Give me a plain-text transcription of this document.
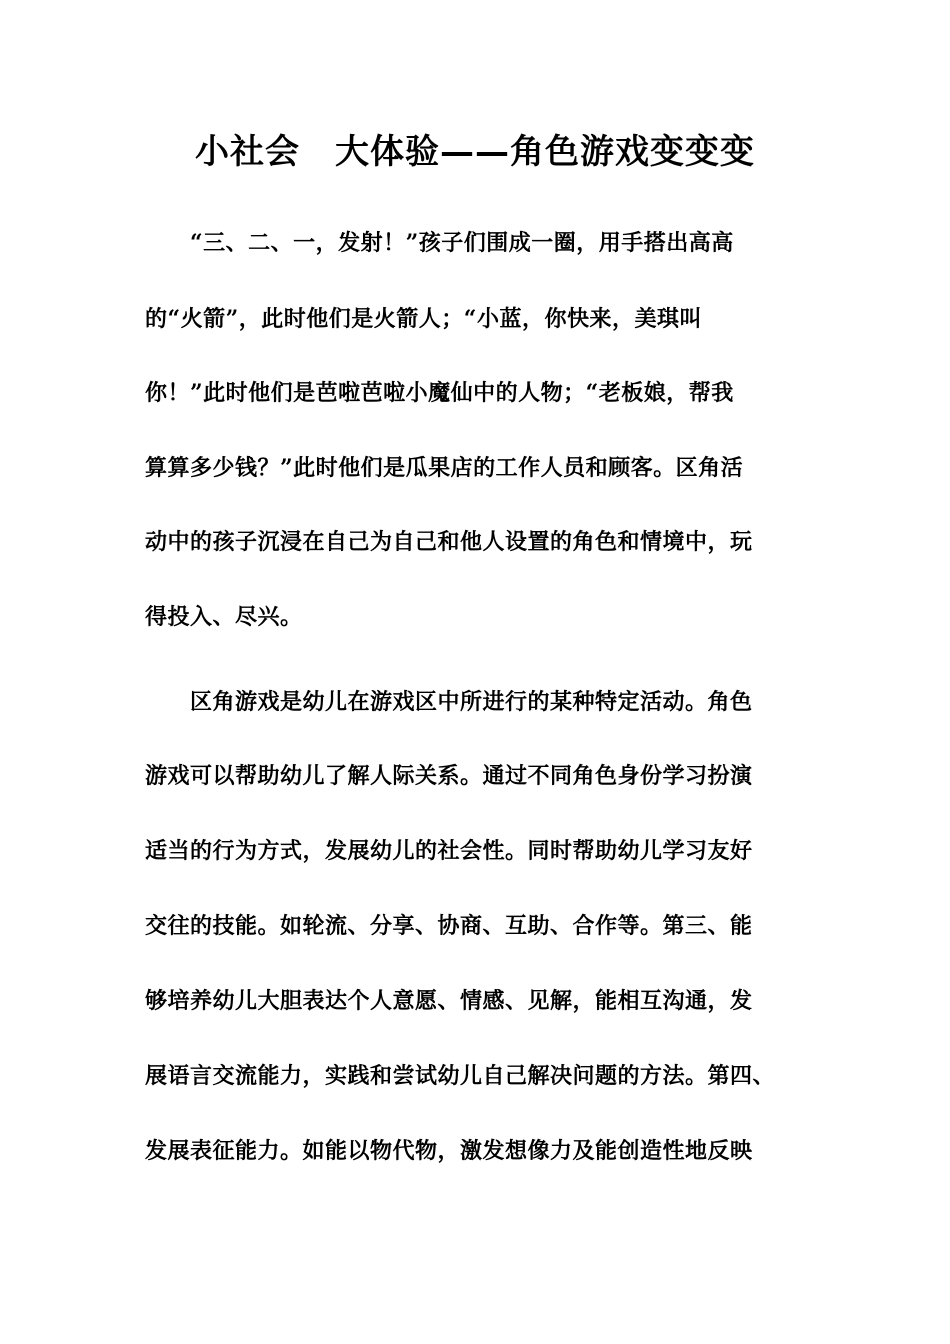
小社会　大体验——角色游戏变变变
　　“三、二、一，发射！”孩子们围成一圈，用手搭出高高
的“火箭”，此时他们是火箭人；“小蓝，你快来，美琪叫
你！”此时他们是芭啦芭啦小魔仙中的人物；“老板娘，帮我
算算多少钱？”此时他们是瓜果店的工作人员和顾客。区角活
动中的孩子沉浸在自己为自己和他人设置的角色和情境中，玩
得投入、尽兴。
　　区角游戏是幼儿在游戏区中所进行的某种特定活动。角色
游戏可以帮助幼儿了解人际关系。通过不同角色身份学习扮演
适当的行为方式，发展幼儿的社会性。同时帮助幼儿学习友好
交往的技能。如轮流、分享、协商、互助、合作等。第三、能
够培养幼儿大胆表达个人意愿、情感、见解，能相互沟通，发
展语言交流能力，实践和尝试幼儿自己解决问题的方法。第四、
发展表征能力。如能以物代物，激发想像力及能创造性地反映
